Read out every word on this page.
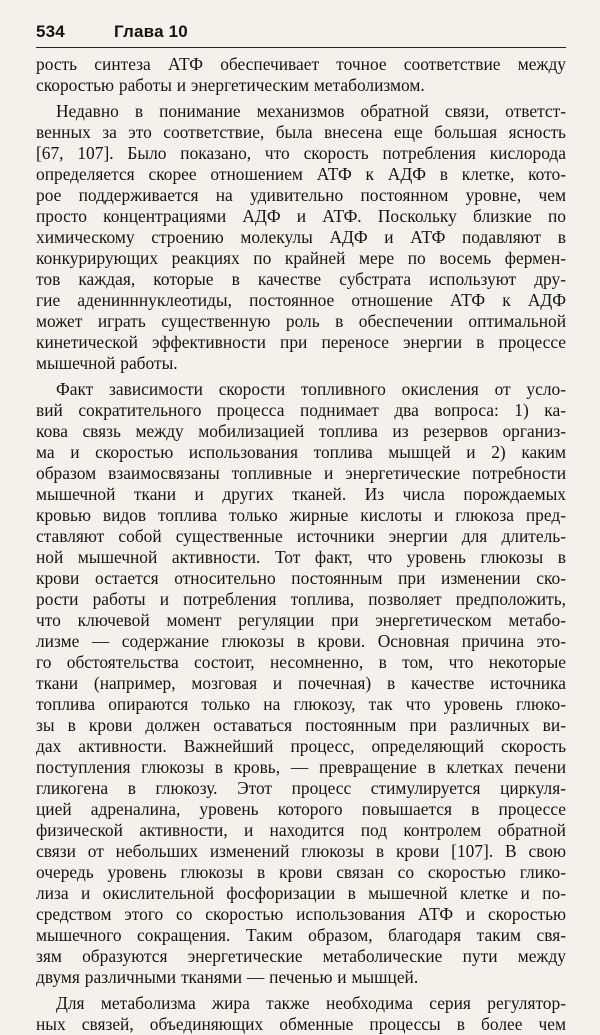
534	Глава 10

рость синтеза АТФ обеспечивает точное соответствие между

скоростью работы и энергетическим метаболизмом.

Недавно в понимание механизмов обратной связи, ответст-

венных за это соответствие, была внесена еще большая ясность

[67, 107]. Было показано, что скорость потребления кислорода

определяется скорее отношением АТФ к АДФ в клетке, кото-

рое поддерживается на удивительно постоянном уровне, чем

просто концентрациями АДФ и АТФ. Поскольку близкие по

химическому строению молекулы АДФ и АТФ подавляют в

конкурирующих реакциях по крайней мере по восемь фермен-

тов каждая, которые в качестве субстрата используют дру-

гие аденинннуклеотиды, постоянное отношение АТФ к АДФ

может играть существенную роль в обеспечении оптимальной

кинетической эффективности при переносе энергии в процессе

мышечной работы.

Факт зависимости скорости топливного окисления от усло-

вий сократительного процесса поднимает два вопроса: 1) ка-

кова связь между мобилизацией топлива из резервов организ-

ма и скоростью использования топлива мышцей и 2) каким

образом взаимосвязаны топливные и энергетические потребности

мышечной ткани и других тканей. Из числа порождаемых

кровью видов топлива только жирные кислоты и глюкоза пред-

ставляют собой существенные источники энергии для длитель-

ной мышечной активности. Тот факт, что уровень глюкозы в

крови остается относительно постоянным при изменении ско-

рости работы и потребления топлива, позволяет предположить,

что ключевой момент регуляции при энергетическом метабо-

лизме — содержание глюкозы в крови. Основная причина это-

го обстоятельства состоит, несомненно, в том, что некоторые

ткани (например, мозговая и почечная) в качестве источника

топлива опираются только на глюкозу, так что уровень глюко-

зы в крови должен оставаться постоянным при различных ви-

дах активности. Важнейший процесс, определяющий скорость

поступления глюкозы в кровь, — превращение в клетках печени

гликогена в глюкозу. Этот процесс стимулируется циркуля-

цией адреналина, уровень которого повышается в процессе

физической активности, и находится под контролем обратной

связи от небольших изменений глюкозы в крови [107]. В свою

очередь уровень глюкозы в крови связан со скоростью глико-

лиза и окислительной фосфоризации в мышечной клетке и по-

средством этого со скоростью использования АТФ и скоростью

мышечного сокращения. Таким образом, благодаря таким свя-

зям образуются энергетические метаболические пути между

двумя различными тканями — печенью и мышцей.

Для метаболизма жира также необходима серия регулятор-

ных связей, объединяющих обменные процессы в более чем
